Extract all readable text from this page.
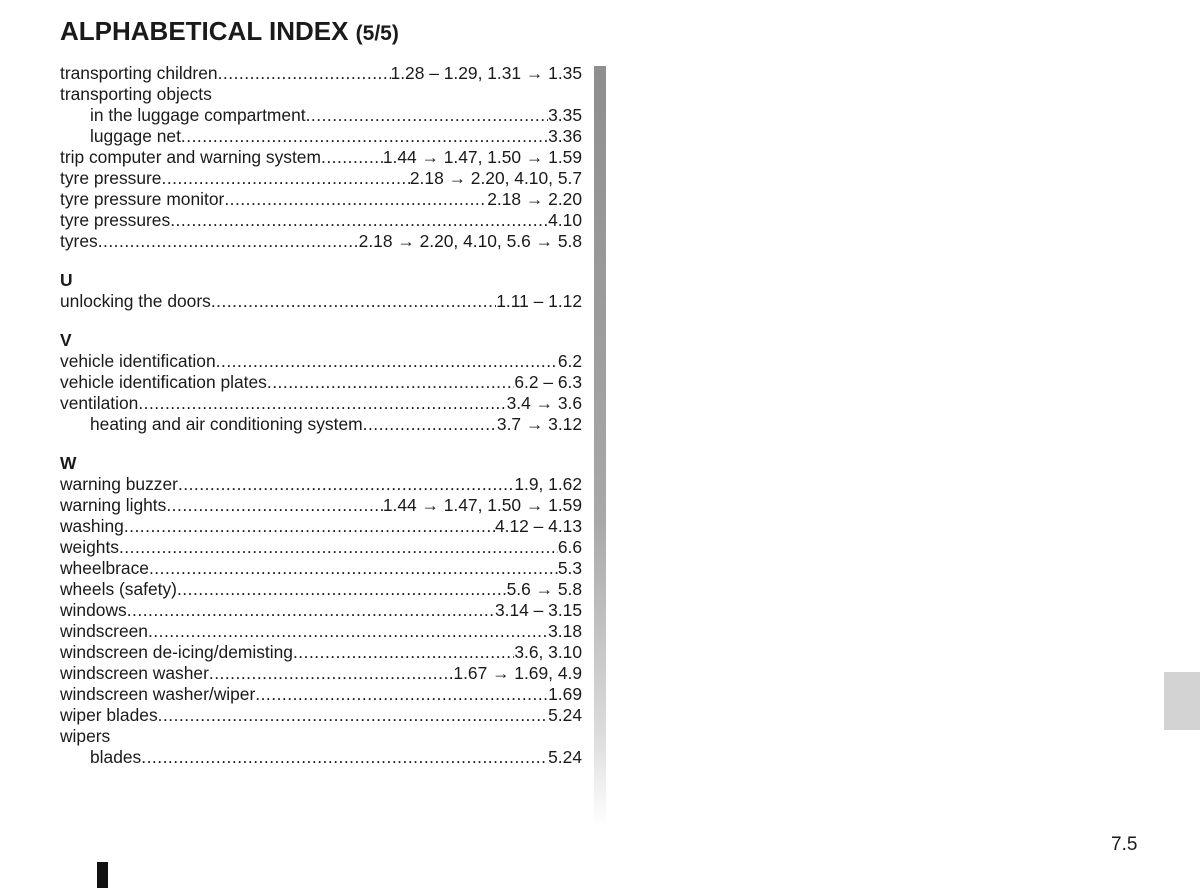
ALPHABETICAL INDEX (5/5)
transporting children .....	1.28 – 1.29, 1.31 → 1.35
transporting objects
in the luggage compartment .....	3.35
luggage net .....	3.36
trip computer and warning system .....	1.44 → 1.47, 1.50 → 1.59
tyre pressure .....	2.18 → 2.20, 4.10, 5.7
tyre pressure monitor .....	2.18 → 2.20
tyre pressures .....	4.10
tyres .....	2.18 → 2.20, 4.10, 5.6 → 5.8
U
unlocking the doors .....	1.11 – 1.12
V
vehicle identification .....	6.2
vehicle identification plates .....	6.2 – 6.3
ventilation .....	3.4 → 3.6
heating and air conditioning system .....	3.7 → 3.12
W
warning buzzer .....	1.9, 1.62
warning lights .....	1.44 → 1.47, 1.50 → 1.59
washing .....	4.12 – 4.13
weights .....	6.6
wheelbrace .....	5.3
wheels (safety) .....	5.6 → 5.8
windows .....	3.14 – 3.15
windscreen .....	3.18
windscreen de-icing/demisting .....	3.6, 3.10
windscreen washer .....	1.67 → 1.69, 4.9
windscreen washer/wiper .....	1.69
wiper blades .....	5.24
wipers
blades .....	5.24
7.5
